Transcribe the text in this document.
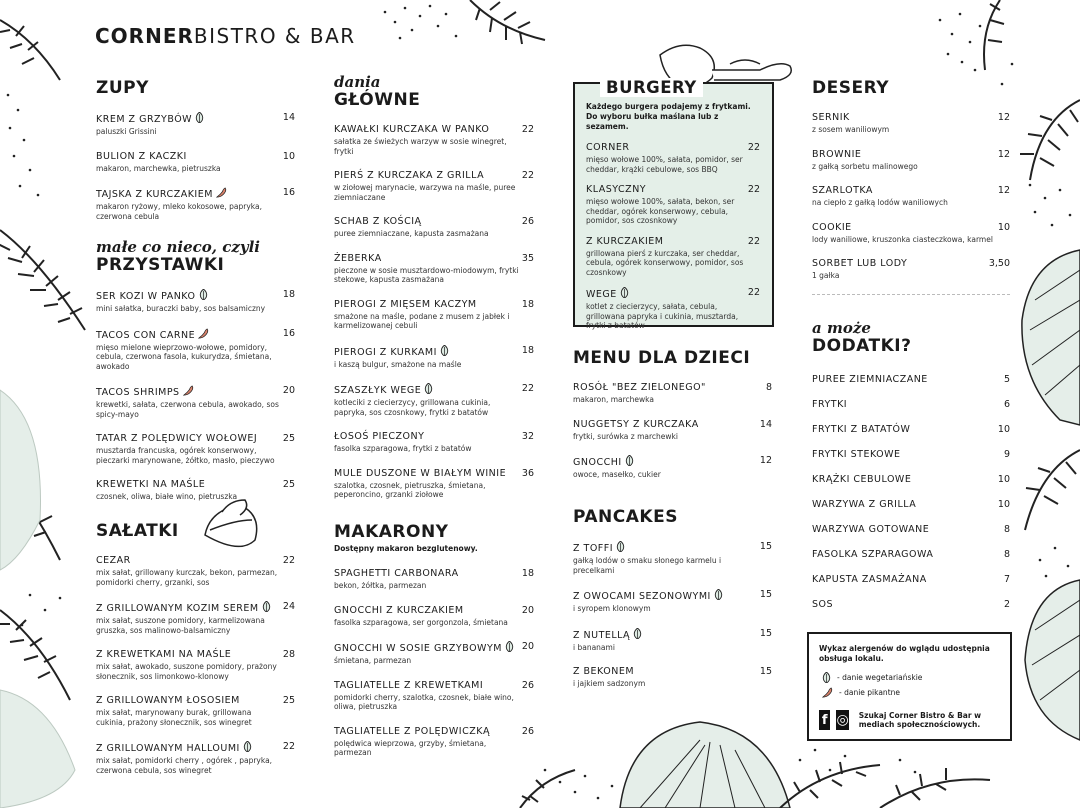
CORNERBISTRO & BAR
ZUPY
KREM Z GRZYBÓW	14
paluszki Grissini
BULION Z KACZKI	10
makaron, marchewka, pietruszka
TAJSKA Z KURCZAKIEM	16
makaron ryżowy, mleko kokosowe, papryka, czerwona cebula
małe co nieco, czyli
PRZYSTAWKI
SER KOZI W PANKO	18
mini sałatka, buraczki baby, sos balsamiczny
TACOS CON CARNE	16
mięso mielone wieprzowo-wołowe, pomidory, cebula, czerwona fasola, kukurydza, śmietana, awokado
TACOS SHRIMPS	20
krewetki, sałata, czerwona cebula, awokado, sos spicy-mayo
TATAR Z POLĘDWICY WOŁOWEJ	25
musztarda francuska, ogórek konserwowy, pieczarki marynowane, żółtko, masło, pieczywo
KREWETKI NA MAŚLE	25
czosnek, oliwa, białe wino, pietruszka
SAŁATKI
CEZAR	22
mix sałat, grillowany kurczak, bekon, parmezan, pomidorki cherry, grzanki, sos
Z GRILLOWANYM KOZIM SEREM	24
mix sałat, suszone pomidory, karmelizowana gruszka, sos malinowo-balsamiczny
Z KREWETKAMI NA MAŚLE	28
mix sałat, awokado, suszone pomidory, prażony słonecznik, sos limonkowo-klonowy
Z GRILLOWANYM ŁOSOSIEM	25
mix sałat, marynowany burak, grillowana cukinia, prażony słonecznik, sos winegret
Z GRILLOWANYM HALLOUMI	22
mix sałat, pomidorki cherry , ogórek , papryka, czerwona cebula, sos winegret
dania
GŁÓWNE
KAWAŁKI KURCZAKA W PANKO	22
sałatka ze świeżych warzyw w sosie winegret, frytki
PIERŚ Z KURCZAKA Z GRILLA	22
w ziołowej marynacie, warzywa na maśle, puree ziemniaczane
SCHAB Z KOŚCIĄ	26
puree ziemniaczane, kapusta zasmażana
ŻEBERKA	35
pieczone w sosie musztardowo-miodowym, frytki stekowe, kapusta zasmażana
PIEROGI Z MIĘSEM KACZYM	18
smażone na maśle, podane z musem z jabłek i karmelizowanej cebuli
PIEROGI Z KURKAMI	18
i kaszą bulgur, smażone na maśle
SZASZŁYK WEGE	22
kotleciki z ciecierzycy, grillowana cukinia, papryka, sos czosnkowy, frytki z batatów
ŁOSOŚ PIECZONY	32
fasolka szparagowa, frytki z batatów
MULE DUSZONE W BIAŁYM WINIE	36
szalotka, czosnek, pietruszka, śmietana, peperoncino, grzanki ziołowe
MAKARONY
Dostępny makaron bezglutenowy.
SPAGHETTI CARBONARA	18
bekon, żółtka, parmezan
GNOCCHI Z KURCZAKIEM	20
fasolka szparagowa, ser gorgonzola, śmietana
GNOCCHI W SOSIE GRZYBOWYM	20
śmietana, parmezan
TAGLIATELLE Z KREWETKAMI	26
pomidorki cherry, szalotka, czosnek, białe wino, oliwa, pietruszka
TAGLIATELLE Z POLĘDWICZKĄ	26
polędwica wieprzowa, grzyby, śmietana, parmezan
BURGERY
Każdego burgera podajemy z frytkami. Do wyboru bułka maślana lub z sezamem.
CORNER	22
mięso wołowe 100%, sałata, pomidor, ser cheddar, krążki cebulowe, sos BBQ
KLASYCZNY	22
mięso wołowe 100%, sałata, bekon, ser cheddar, ogórek konserwowy, cebula, pomidor, sos czosnkowy
Z KURCZAKIEM	22
grillowana pierś z kurczaka, ser cheddar, cebula, ogórek konserwowy, pomidor, sos czosnkowy
WEGE	22
kotlet z ciecierzycy, sałata, cebula, grillowana papryka i cukinia, musztarda, frytki z batatów
MENU DLA DZIECI
ROSÓŁ "BEZ ZIELONEGO"	8
makaron, marchewka
NUGGETSY Z KURCZAKA	14
frytki, surówka z marchewki
GNOCCHI	12
owoce, masełko, cukier
PANCAKES
Z TOFFI	15
gałką lodów o smaku słonego karmelu i precelkami
Z OWOCAMI SEZONOWYMI	15
i syropem klonowym
Z NUTELLĄ	15
i bananami
Z BEKONEM	15
i jajkiem sadzonym
DESERY
SERNIK	12
z sosem waniliowym
BROWNIE	12
z gałką sorbetu malinowego
SZARLOTKA	12
na ciepło z gałką lodów waniliowych
COOKIE	10
lody waniliowe, kruszonka ciasteczkowa, karmel
SORBET LUB LODY	3,50
1 gałka
a może
DODATKI?
PUREE ZIEMNIACZANE	5
FRYTKI	6
FRYTKI Z BATATÓW	10
FRYTKI STEKOWE	9
KRĄŻKI CEBULOWE	10
WARZYWA Z GRILLA	10
WARZYWA GOTOWANE	8
FASOLKA SZPARAGOWA	8
KAPUSTA ZASMAŻANA	7
SOS	2
Wykaz alergenów do wglądu udostępnia obsługa lokalu.
- danie wegetariańskie
- danie pikantne
f ◎ Szukaj Corner Bistro & Bar w mediach społecznościowych.
